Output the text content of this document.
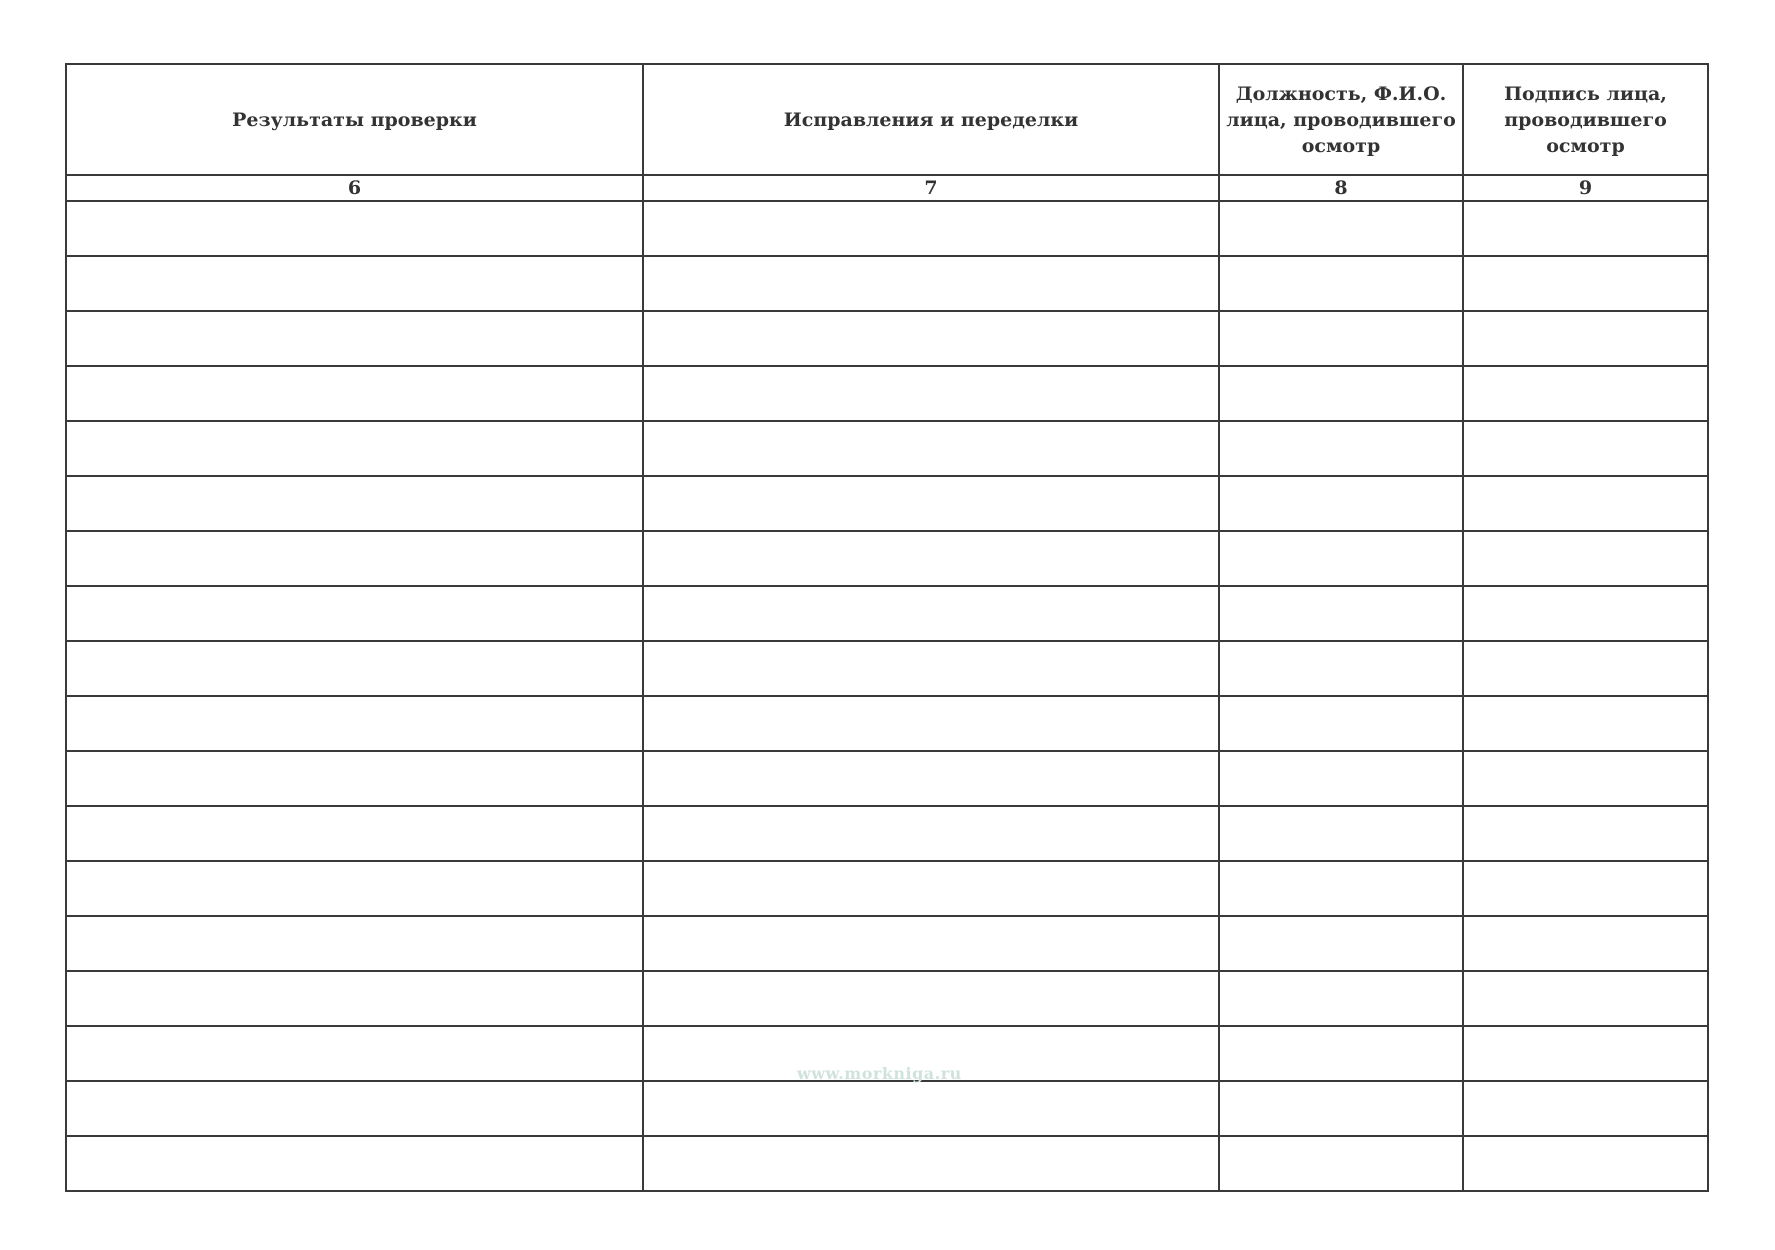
Результаты проверки	Исправления и переделки	Должность, Ф.И.О. лица, проводившего осмотр	Подпись лица, проводившего осмотр
6	7	8	9

www.morkniga.ru
